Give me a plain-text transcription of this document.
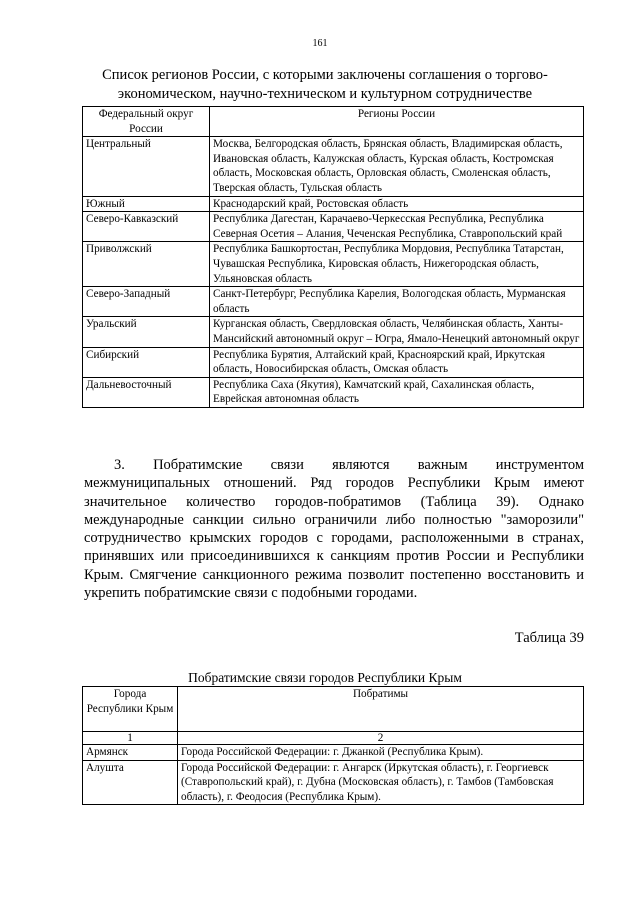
161
Список регионов России, с которыми заключены соглашения о торгово-
экономическом, научно-техническом и культурном сотрудничестве
Федеральный округ России	Регионы России
Центральный	Москва, Белгородская область, Брянская область, Владимирская область, Ивановская область, Калужская область, Курская область, Костромская область, Московская область, Орловская область, Смоленская область, Тверская область, Тульская область
Южный	Краснодарский край, Ростовская область
Северо-Кавказский	Республика Дагестан, Карачаево-Черкесская Республика, Республика Северная Осетия – Алания, Чеченская Республика, Ставропольский край
Приволжский	Республика Башкортостан, Республика Мордовия, Республика Татарстан, Чувашская Республика, Кировская область, Нижегородская область, Ульяновская область
Северо-Западный	Санкт-Петербург, Республика Карелия, Вологодская область, Мурманская область
Уральский	Курганская область, Свердловская область, Челябинская область, Ханты-Мансийский автономный округ – Югра, Ямало-Ненецкий автономный округ
Сибирский	Республика Бурятия, Алтайский край, Красноярский край, Иркутская область, Новосибирская область, Омская область
Дальневосточный	Республика Саха (Якутия), Камчатский край, Сахалинская область, Еврейская автономная область

3. Побратимские связи являются важным инструментом межмуниципальных отношений. Ряд городов Республики Крым имеют значительное количество городов-побратимов (Таблица 39). Однако международные санкции сильно ограничили либо полностью "заморозили" сотрудничество крымских городов с городами, расположенными в странах, принявших или присоединившихся к санкциям против России и Республики Крым. Смягчение санкционного режима позволит постепенно восстановить и укрепить побратимские связи с подобными городами.

Таблица 39
Побратимские связи городов Республики Крым
Города Республики Крым	Побратимы
1	2
Армянск	Города Российской Федерации: г. Джанкой (Республика Крым).
Алушта	Города Российской Федерации: г. Ангарск (Иркутская область), г. Георгиевск (Ставропольский край), г. Дубна (Московская область), г. Тамбов (Тамбовская область), г. Феодосия (Республика Крым).
